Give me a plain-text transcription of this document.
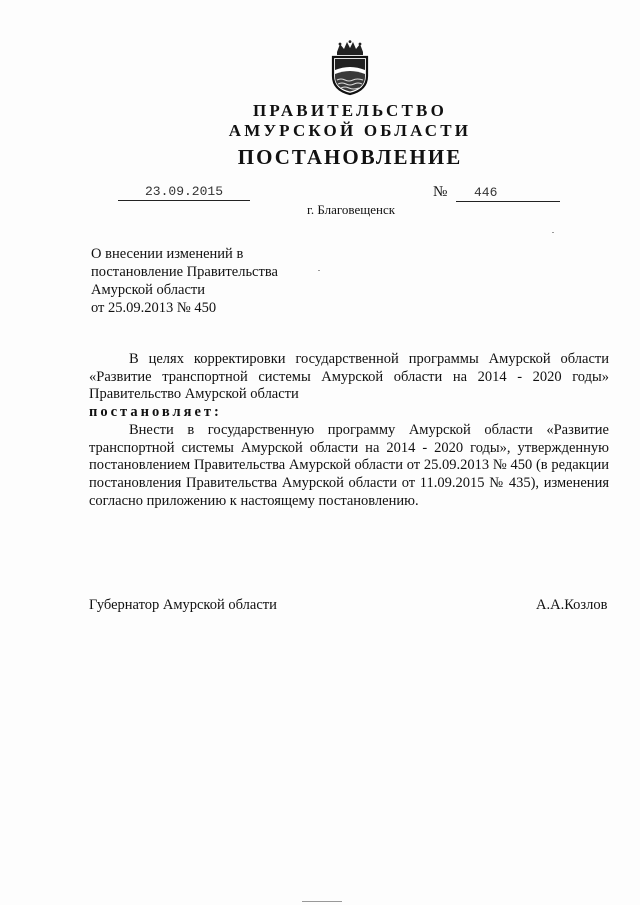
ПРАВИТЕЛЬСТВО
АМУРСКОЙ ОБЛАСТИ
ПОСТАНОВЛЕНИЕ
23.09.2015	№	446
г. Благовещенск
О внесении изменений в
постановление Правительства
Амурской области
от 25.09.2013 № 450

В целях корректировки государственной программы Амурской области «Развитие транспортной системы Амурской области на 2014 - 2020 годы» Правительство Амурской области

постановляет:

Внести в государственную программу Амурской области «Развитие транспортной системы Амурской области на 2014 - 2020 годы», утвержденную постановлением Правительства Амурской области от 25.09.2013 № 450 (в редакции постановления Правительства Амурской области от 11.09.2015 № 435), изменения согласно приложению к настоящему постановлению.

Губернатор Амурской области	А.А.Козлов
